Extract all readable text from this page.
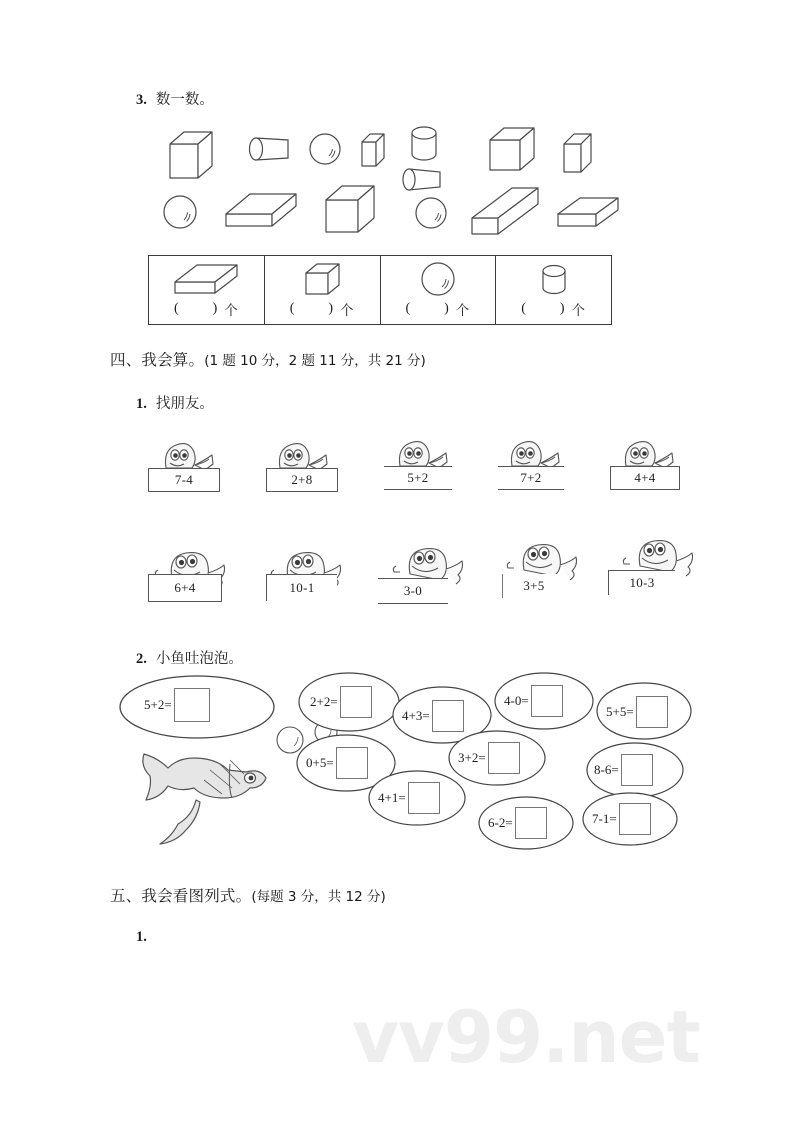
3. 数一数。
( ) 个	( ) 个	( ) 个	( ) 个
四、我会算。 (1 题 10 分，2 题 11 分，共 21 分)
1. 找朋友。
7-4	2+8	5+2	7+2	4+4
6+4	10-1	3-0	3+5	10-3
2. 小鱼吐泡泡。
5+2=	2+2=
4+3=
4-0=
5+5=
0+5=	3+2=
8-6=
4+1=
6-2=	7-1=
五、我会看图列式。 (每题 3 分，共 12 分)
1.
vv99.net
